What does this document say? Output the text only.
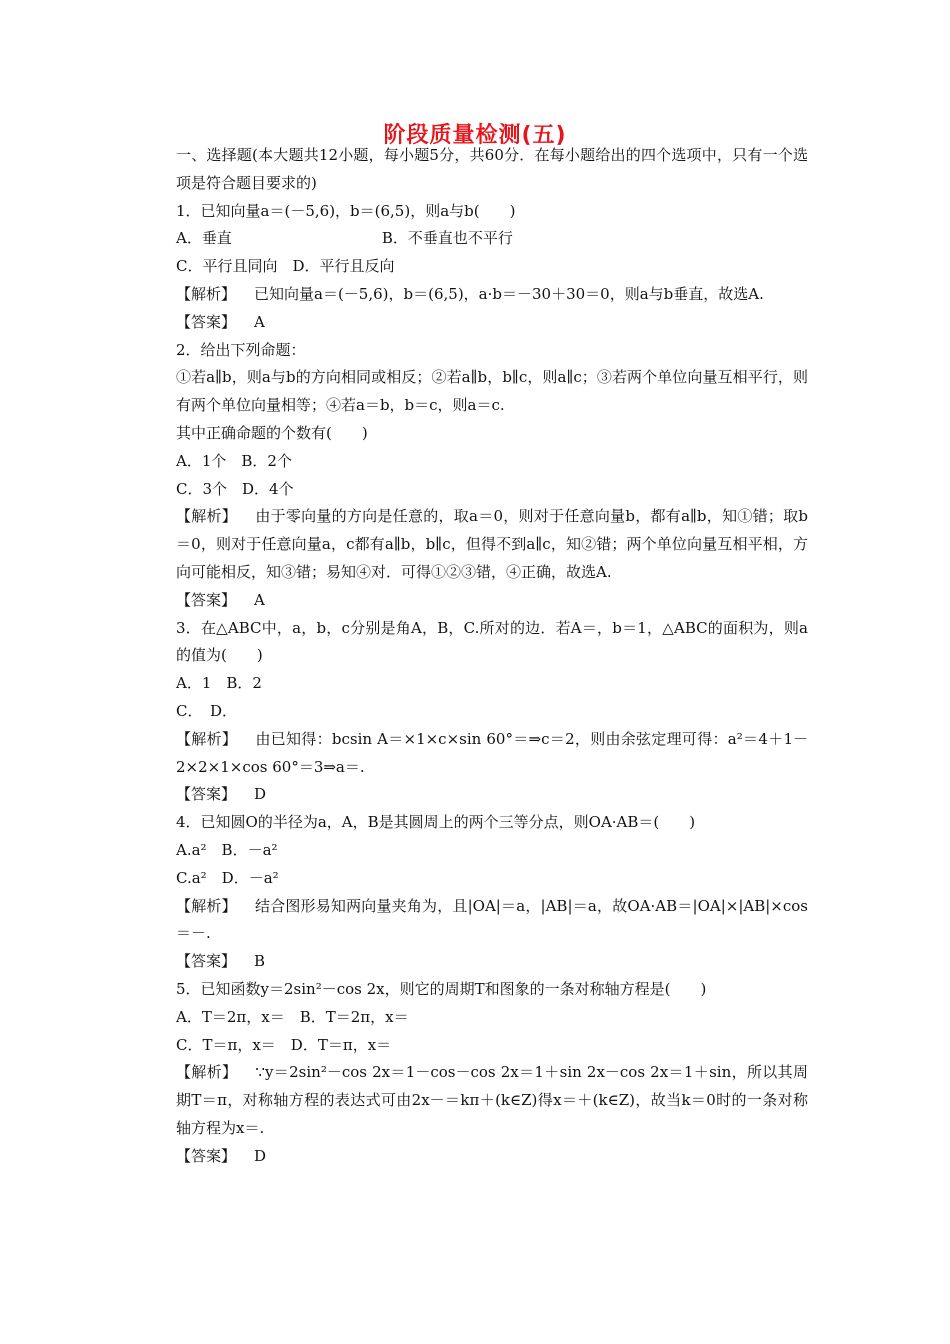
阶段质量检测(五)

一、选择题(本大题共12小题，每小题5分，共60分．在每小题给出的四个选项中，只有一个选项是符合题目要求的)

1．已知向量a＝(－5,6)，b＝(6,5)，则a与b(　　)

A．垂直　　　　　　　　　　B．不垂直也不平行

C．平行且同向　D．平行且反向

【解析】 已知向量a＝(－5,6)，b＝(6,5)，a·b＝－30＋30＝0，则a与b垂直，故选A.

【答案】 A

2．给出下列命题：

①若a∥b，则a与b的方向相同或相反；②若a∥b，b∥c，则a∥c；③若两个单位向量互相平行，则有两个单位向量相等；④若a＝b，b＝c，则a＝c.

其中正确命题的个数有(　　)

A．1个　B．2个

C．3个　D．4个

【解析】 由于零向量的方向是任意的，取a＝0，则对于任意向量b，都有a∥b，知①错；取b＝0，则对于任意向量a，c都有a∥b，b∥c，但得不到a∥c，知②错；两个单位向量互相平相，方向可能相反，知③错；易知④对．可得①②③错，④正确，故选A.

【答案】 A

3．在△ABC中，a，b，c分别是角A，B，C.所对的边．若A＝，b＝1，△ABC的面积为，则a的值为(　　)

A．1　B．2

C．　D．

【解析】 由已知得：bcsin A＝×1×c×sin 60°＝⇒c＝2，则由余弦定理可得：a²＝4＋1－2×2×1×cos 60°＝3⇒a＝.

【答案】 D

4．已知圆O的半径为a，A，B是其圆周上的两个三等分点，则OA·AB＝(　　)

A.a²　B．－a²

C.a²　D．－a²

【解析】 结合图形易知两向量夹角为，且|OA|＝a，|AB|＝a，故OA·AB＝|OA|×|AB|×cos＝－.

【答案】 B

5．已知函数y＝2sin²－cos 2x，则它的周期T和图象的一条对称轴方程是(　　)

A．T＝2π，x＝　B．T＝2π，x＝

C．T＝π，x＝　D．T＝π，x＝

【解析】 ∵y＝2sin²－cos 2x＝1－cos－cos 2x＝1＋sin 2x－cos 2x＝1＋sin，所以其周期T＝π，对称轴方程的表达式可由2x－＝kπ＋(k∈Z)得x＝＋(k∈Z)，故当k＝0时的一条对称轴方程为x＝.

【答案】 D
